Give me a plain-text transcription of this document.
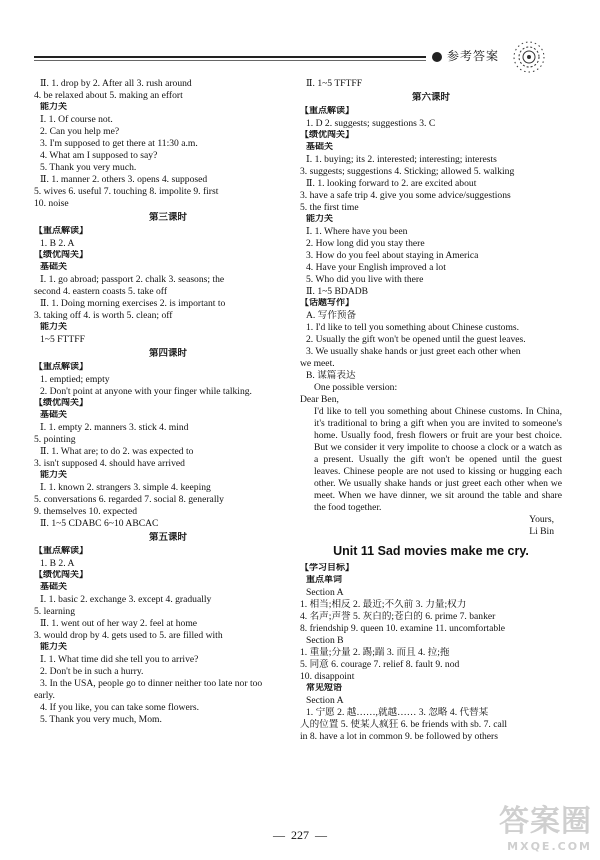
参考答案
Ⅱ. 1. drop by 2. After all 3. rush around
4. be relaxed about 5. making an effort
能力关
Ⅰ. 1. Of course not.
2. Can you help me?
3. I'm supposed to get there at 11:30 a.m.
4. What am I supposed to say?
5. Thank you very much.
Ⅱ. 1. manner 2. others 3. opens 4. supposed
5. wives 6. useful 7. touching 8. impolite 9. first
10. noise
第三课时
【重点解读】
1. B 2. A
【绩优闯关】
基础关
Ⅰ. 1. go abroad; passport 2. chalk 3. seasons; the
second 4. eastern coasts 5. take off
Ⅱ. 1. Doing morning exercises 2. is important to
3. taking off 4. is worth 5. clean; off
能力关
1~5 FTTFF
第四课时
【重点解读】
1. emptied; empty
2. Don't point at anyone with your finger while talking.
【绩优闯关】
基础关
Ⅰ. 1. empty 2. manners 3. stick 4. mind
5. pointing
Ⅱ. 1. What are; to do 2. was expected to
3. isn't supposed 4. should have arrived
能力关
Ⅰ. 1. known 2. strangers 3. simple 4. keeping
5. conversations 6. regarded 7. social 8. generally
9. themselves 10. expected
Ⅱ. 1~5 CDABC 6~10 ABCAC
第五课时
【重点解读】
1. B 2. A
【绩优闯关】
基础关
Ⅰ. 1. basic 2. exchange 3. except 4. gradually
5. learning
Ⅱ. 1. went out of her way 2. feel at home
3. would drop by 4. gets used to 5. are filled with
能力关
Ⅰ. 1. What time did she tell you to arrive?
2. Don't be in such a hurry.
3. In the USA, people go to dinner neither too late nor too
early.
4. If you like, you can take some flowers.
5. Thank you very much, Mom.
Ⅱ. 1~5 TFTFF
第六课时
【重点解读】
1. D 2. suggests; suggestions 3. C
【绩优闯关】
基础关
Ⅰ. 1. buying; its 2. interested; interesting; interests
3. suggests; suggestions 4. Sticking; allowed 5. walking
Ⅱ. 1. looking forward to 2. are excited about
3. have a safe trip 4. give you some advice/suggestions
5. the first time
能力关
Ⅰ. 1. Where have you been
2. How long did you stay there
3. How do you feel about staying in America
4. Have your English improved a lot
5. Who did you live with there
Ⅱ. 1~5 BDADB
【话题写作】
A. 写作预备
1. I'd like to tell you something about Chinese customs.
2. Usually the gift won't be opened until the guest leaves.
3. We usually shake hands or just greet each other when
we meet.
B. 谋篇表达
One possible version:
Dear Ben,
I'd like to tell you something about Chinese customs. In China, it's traditional to bring a gift when you are invited to someone's home. Usually food, fresh flowers or fruit are your best choice. But we consider it very impolite to choose a clock or a watch as a present. Usually the gift won't be opened until the guest leaves. Chinese people are not used to kissing or hugging each other. We usually shake hands or just greet each other when we meet. When we have dinner, we sit around the table and share the food together.
Yours,
Li Bin
Unit 11 Sad movies make me cry.
【学习目标】
重点单词
Section A
1. 相当;相反 2. 最近;不久前 3. 力量;权力
4. 名声;声誉 5. 灰白的;苍白的 6. prime 7. banker
8. friendship 9. queen 10. examine 11. uncomfortable
Section B
1. 重量;分量 2. 踢;踹 3. 而且 4. 拉;拖
5. 同意 6. courage 7. relief 8. fault 9. nod
10. disappoint
常见短语
Section A
1. 宁愿 2. 越……,就越…… 3. 忽略 4. 代替某
人的位置 5. 使某人疯狂 6. be friends with sb. 7. call
in 8. have a lot in common 9. be followed by others
— 227 —	答案圈
MXQE.COM
